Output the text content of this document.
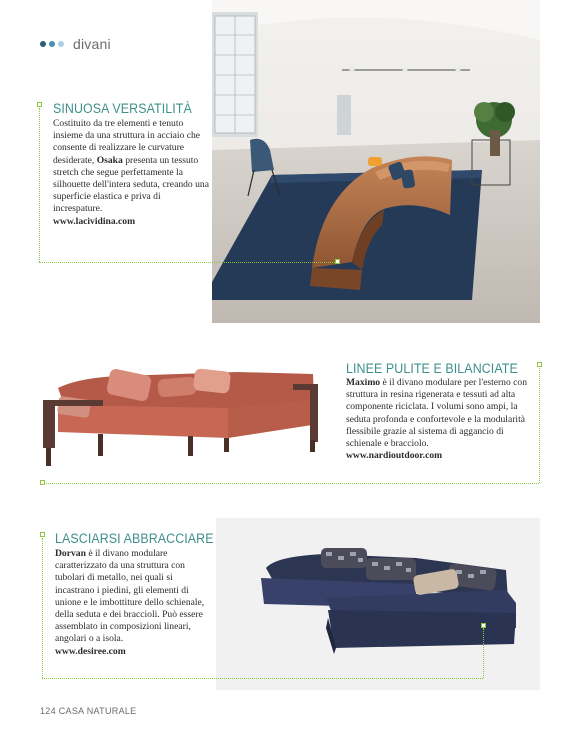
divani
SINUOSA VERSATILITÀ

Costituito da tre elementi e tenuto insieme da una struttura in acciaio che consente di realizzare le curvature desiderate, Osaka presenta un tessuto stretch che segue perfettamente la silhouette dell'intera seduta, creando una superficie elastica e priva di increspature.
www.lacividina.com

LINEE PULITE E BILANCIATE

Maximo è il divano modulare per l'esterno con struttura in resina rigenerata e tessuti ad alta componente riciclata. I volumi sono ampi, la seduta profonda e confortevole e la modularità flessibile grazie al sistema di aggancio di schienale e bracciolo.
www.nardioutdoor.com

LASCIARSI ABBRACCIARE

Dorvan è il divano modulare caratterizzato da una struttura con tubolari di metallo, nei quali si incastrano i piedini, gli elementi di unione e le imbottiture dello schienale, della seduta e dei braccioli. Può essere assemblato in composizioni lineari, angolari o a isola.
www.desiree.com

124 CASA NATURALE
